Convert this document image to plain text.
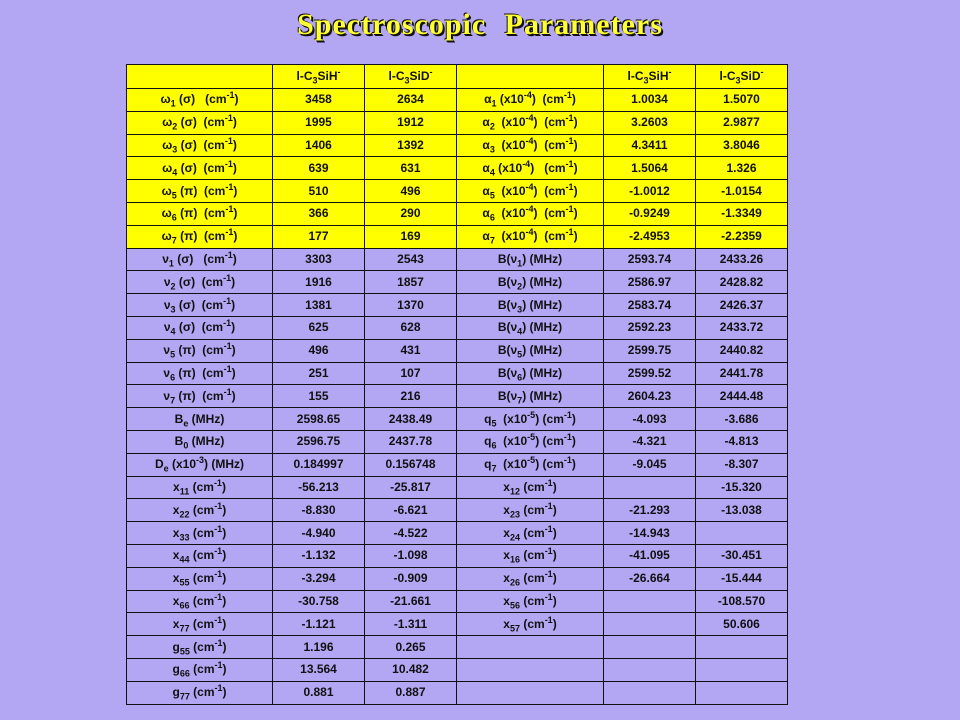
Spectroscopic Parameters
	$l-C_3SiH^-$	$l-C_3SiD^-$		$l-C_3SiH^-$	$l-C_3SiD^-$
$\omega_1$ (σ)   $(cm^{-1})$	3458	2634	$\alpha_1$ $(x10^{-4})$  $(cm^{-1})$	1.0034	1.5070
$\omega_2$ (σ)  $(cm^{-1})$	1995	1912	$\alpha_2$  $(x10^{-4})$  $(cm^{-1})$	3.2603	2.9877
$\omega_3$ (σ)  $(cm^{-1})$	1406	1392	$\alpha_3$  $(x10^{-4})$  $(cm^{-1})$	4.3411	3.8046
$\omega_4$ (σ)  $(cm^{-1})$	639	631	$\alpha_4$ $(x10^{-4})$   $(cm^{-1})$	1.5064	1.326
$\omega_5$ (π)  $(cm^{-1})$	510	496	$\alpha_5$  $(x10^{-4})$  $(cm^{-1})$	-1.0012	-1.0154
$\omega_6$ (π)  $(cm^{-1})$	366	290	$\alpha_6$  $(x10^{-4})$  $(cm^{-1})$	-0.9249	-1.3349
$\omega_7$ (π)  $(cm^{-1})$	177	169	$\alpha_7$  $(x10^{-4})$  $(cm^{-1})$	-2.4953	-2.2359
$\nu_1$ (σ)   $(cm^{-1})$	3303	2543	$B(\nu_1)$ (MHz)	2593.74	2433.26
$\nu_2$ (σ)  $(cm^{-1})$	1916	1857	$B(\nu_2)$ (MHz)	2586.97	2428.82
$\nu_3$ (σ)  $(cm^{-1})$	1381	1370	$B(\nu_3)$ (MHz)	2583.74	2426.37
$\nu_4$ (σ)  $(cm^{-1})$	625	628	$B(\nu_4)$ (MHz)	2592.23	2433.72
$\nu_5$ (π)  $(cm^{-1})$	496	431	$B(\nu_5)$ (MHz)	2599.75	2440.82
$\nu_6$ (π)  $(cm^{-1})$	251	107	$B(\nu_6)$ (MHz)	2599.52	2441.78
$\nu_7$ (π)  $(cm^{-1})$	155	216	$B(\nu_7)$ (MHz)	2604.23	2444.48
$B_e$ (MHz)	2598.65	2438.49	$q_5$  $(x10^{-5})$ $(cm^{-1})$	-4.093	-3.686
$B_0$ (MHz)	2596.75	2437.78	$q_6$  $(x10^{-5})$ $(cm^{-1})$	-4.321	-4.813
$D_e$ $(x10^{-3})$ (MHz)	0.184997	0.156748	$q_7$  $(x10^{-5})$ $(cm^{-1})$	-9.045	-8.307
$x_{11}$ $(cm^{-1})$	-56.213	-25.817	$x_{12}$ $(cm^{-1})$		-15.320
$x_{22}$ $(cm^{-1})$	-8.830	-6.621	$x_{23}$ $(cm^{-1})$	-21.293	-13.038
$x_{33}$ $(cm^{-1})$	-4.940	-4.522	$x_{24}$ $(cm^{-1})$	-14.943	
$x_{44}$ $(cm^{-1})$	-1.132	-1.098	$x_{16}$ $(cm^{-1})$	-41.095	-30.451
$x_{55}$ $(cm^{-1})$	-3.294	-0.909	$x_{26}$ $(cm^{-1})$	-26.664	-15.444
$x_{66}$ $(cm^{-1})$	-30.758	-21.661	$x_{56}$ $(cm^{-1})$		-108.570
$x_{77}$ $(cm^{-1})$	-1.121	-1.311	$x_{57}$ $(cm^{-1})$		50.606
$g_{55}$ $(cm^{-1})$	1.196	0.265			
$g_{66}$ $(cm^{-1})$	13.564	10.482			
$g_{77}$ $(cm^{-1})$	0.881	0.887			
